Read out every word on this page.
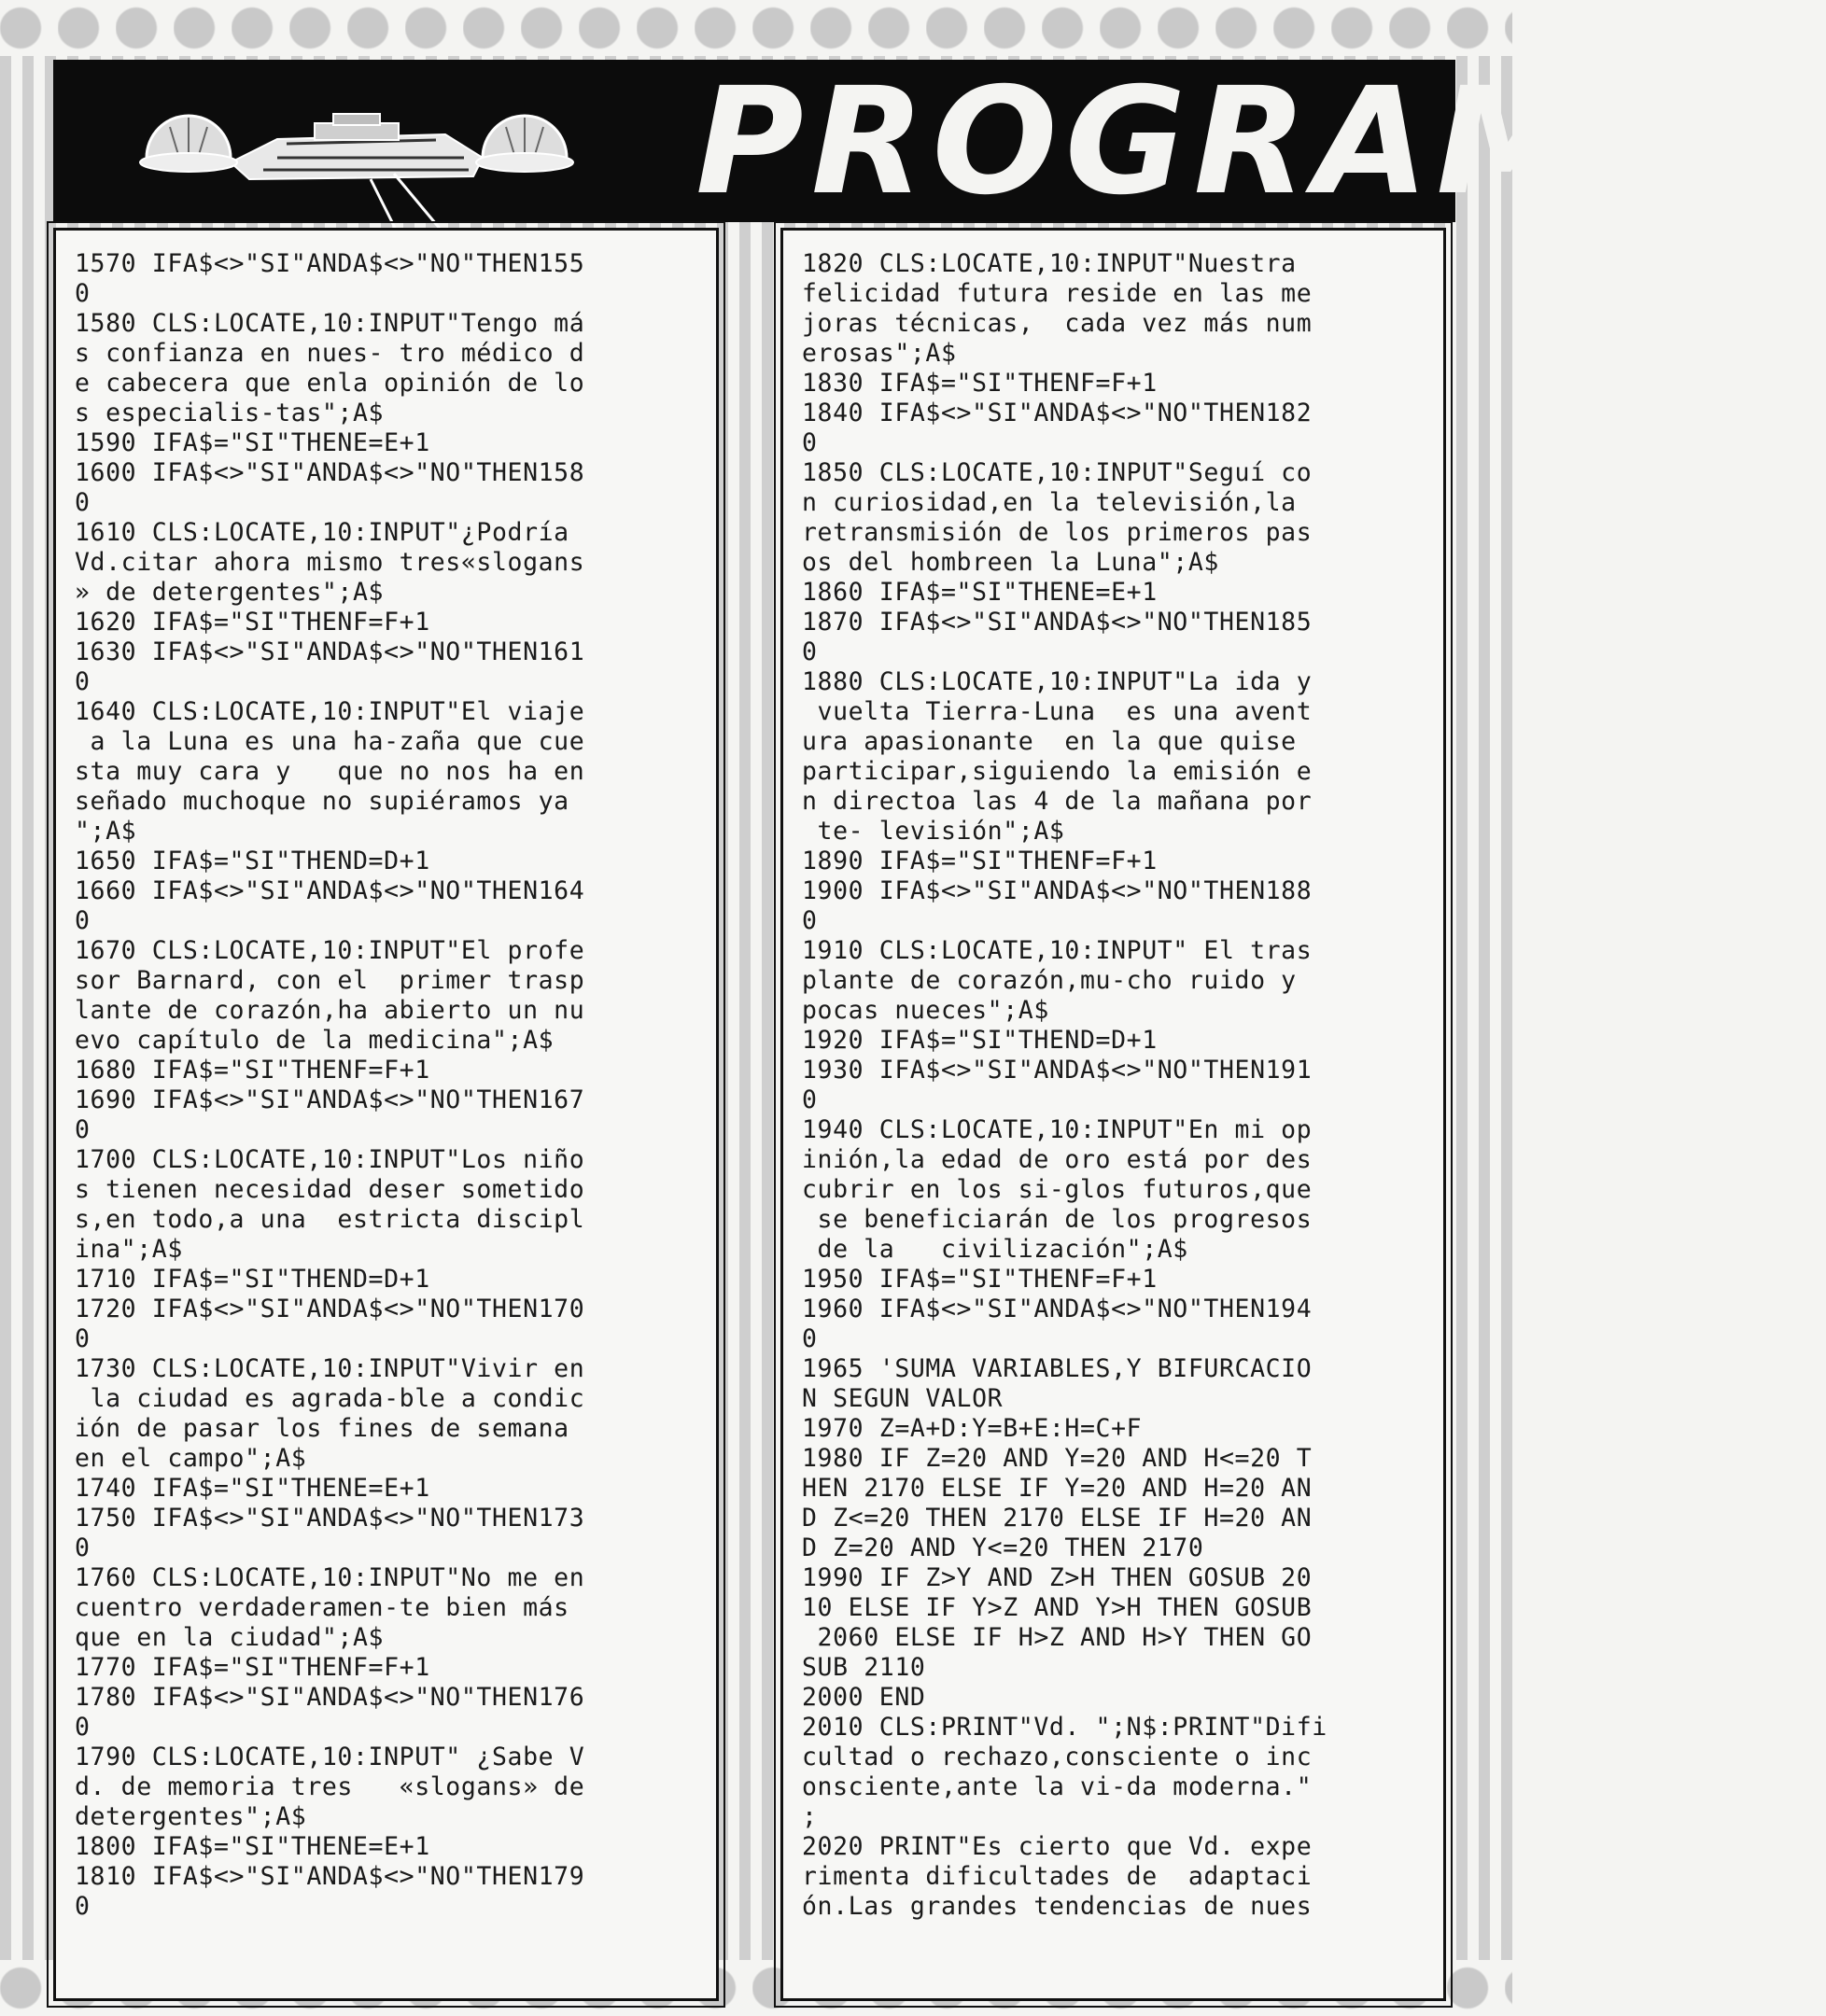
PROGRAMAS
1570 IFA$<>"SI"ANDA$<>"NO"THEN155
0
1580 CLS:LOCATE,10:INPUT"Tengo má
s confianza en nues- tro médico d
e cabecera que enla opinión de lo
s especialis-tas";A$
1590 IFA$="SI"THENE=E+1
1600 IFA$<>"SI"ANDA$<>"NO"THEN158
0
1610 CLS:LOCATE,10:INPUT"¿Podría
Vd.citar ahora mismo tres«slogans
» de detergentes";A$
1620 IFA$="SI"THENF=F+1
1630 IFA$<>"SI"ANDA$<>"NO"THEN161
0
1640 CLS:LOCATE,10:INPUT"El viaje
a la Luna es una ha-zaña que cue
sta muy cara y   que no nos ha en
señado muchoque no supiéramos ya
";A$
1650 IFA$="SI"THEND=D+1
1660 IFA$<>"SI"ANDA$<>"NO"THEN164
0
1670 CLS:LOCATE,10:INPUT"El profe
sor Barnard, con el  primer trasp
lante de corazón,ha abierto un nu
evo capítulo de la medicina";A$
1680 IFA$="SI"THENF=F+1
1690 IFA$<>"SI"ANDA$<>"NO"THEN167
0
1700 CLS:LOCATE,10:INPUT"Los niño
s tienen necesidad deser sometido
s,en todo,a una  estricta discipl
ina";A$
1710 IFA$="SI"THEND=D+1
1720 IFA$<>"SI"ANDA$<>"NO"THEN170
0
1730 CLS:LOCATE,10:INPUT"Vivir en
la ciudad es agrada-ble a condic
ión de pasar los fines de semana
en el campo";A$
1740 IFA$="SI"THENE=E+1
1750 IFA$<>"SI"ANDA$<>"NO"THEN173
0
1760 CLS:LOCATE,10:INPUT"No me en
cuentro verdaderamen-te bien más
que en la ciudad";A$
1770 IFA$="SI"THENF=F+1
1780 IFA$<>"SI"ANDA$<>"NO"THEN176
0
1790 CLS:LOCATE,10:INPUT" ¿Sabe V
d. de memoria tres   «slogans» de
detergentes";A$
1800 IFA$="SI"THENE=E+1
1810 IFA$<>"SI"ANDA$<>"NO"THEN179
0
1820 CLS:LOCATE,10:INPUT"Nuestra
felicidad futura reside en las me
joras técnicas,  cada vez más num
erosas";A$
1830 IFA$="SI"THENF=F+1
1840 IFA$<>"SI"ANDA$<>"NO"THEN182
0
1850 CLS:LOCATE,10:INPUT"Seguí co
n curiosidad,en la televisión,la
retransmisión de los primeros pas
os del hombreen la Luna";A$
1860 IFA$="SI"THENE=E+1
1870 IFA$<>"SI"ANDA$<>"NO"THEN185
0
1880 CLS:LOCATE,10:INPUT"La ida y
vuelta Tierra-Luna  es una avent
ura apasionante  en la que quise
participar,siguiendo la emisión e
n directoa las 4 de la mañana por
te- levisión";A$
1890 IFA$="SI"THENF=F+1
1900 IFA$<>"SI"ANDA$<>"NO"THEN188
0
1910 CLS:LOCATE,10:INPUT" El tras
plante de corazón,mu-cho ruido y
pocas nueces";A$
1920 IFA$="SI"THEND=D+1
1930 IFA$<>"SI"ANDA$<>"NO"THEN191
0
1940 CLS:LOCATE,10:INPUT"En mi op
inión,la edad de oro está por des
cubrir en los si-glos futuros,que
se beneficiarán de los progresos
de la   civilización";A$
1950 IFA$="SI"THENF=F+1
1960 IFA$<>"SI"ANDA$<>"NO"THEN194
0
1965 'SUMA VARIABLES,Y BIFURCACIO
N SEGUN VALOR
1970 Z=A+D:Y=B+E:H=C+F
1980 IF Z=20 AND Y=20 AND H<=20 T
HEN 2170 ELSE IF Y=20 AND H=20 AN
D Z<=20 THEN 2170 ELSE IF H=20 AN
D Z=20 AND Y<=20 THEN 2170
1990 IF Z>Y AND Z>H THEN GOSUB 20
10 ELSE IF Y>Z AND Y>H THEN GOSUB
2060 ELSE IF H>Z AND H>Y THEN GO
SUB 2110
2000 END
2010 CLS:PRINT"Vd. ";N$:PRINT"Difi
cultad o rechazo,consciente o inc
onsciente,ante la vi-da moderna."
;
2020 PRINT"Es cierto que Vd. expe
rimenta dificultades de  adaptaci
ón.Las grandes tendencias de nues
